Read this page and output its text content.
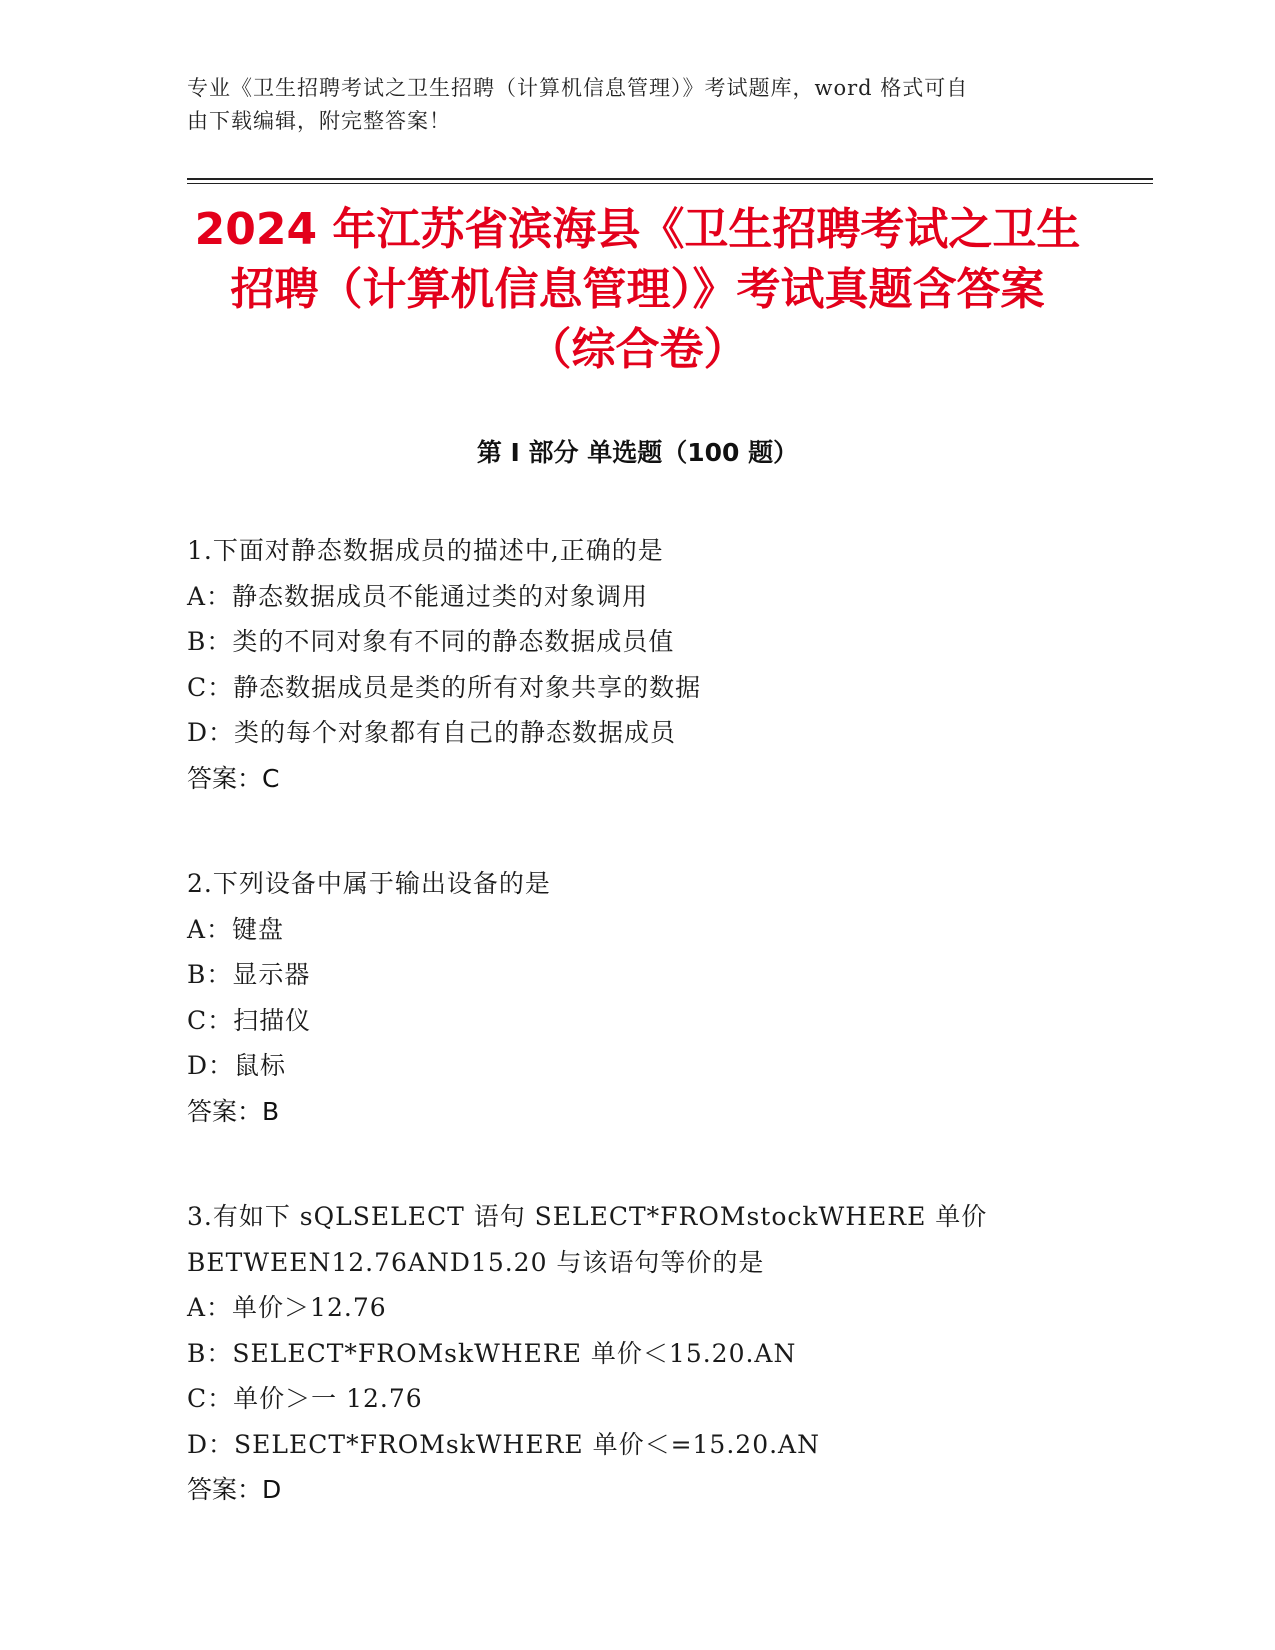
专业《卫生招聘考试之卫生招聘（计算机信息管理）》考试题库，word 格式可自
由下载编辑，附完整答案！
2024 年江苏省滨海县《卫生招聘考试之卫生
招聘（计算机信息管理）》考试真题含答案
（综合卷）
第 I 部分 单选题（100 题）
1.下面对静态数据成员的描述中,正确的是
A：静态数据成员不能通过类的对象调用
B：类的不同对象有不同的静态数据成员值
C：静态数据成员是类的所有对象共享的数据
D：类的每个对象都有自己的静态数据成员
答案：C
2.下列设备中属于输出设备的是
A：键盘
B：显示器
C：扫描仪
D：鼠标
答案：B
3.有如下 sQLSELECT 语句 SELECT*FROMstockWHERE 单价
BETWEEN12.76AND15.20 与该语句等价的是
A：单价＞12.76
B：SELECT*FROMskWHERE 单价＜15.20.AN
C：单价＞一 12.76
D：SELECT*FROMskWHERE 单价＜=15.20.AN
答案：D
